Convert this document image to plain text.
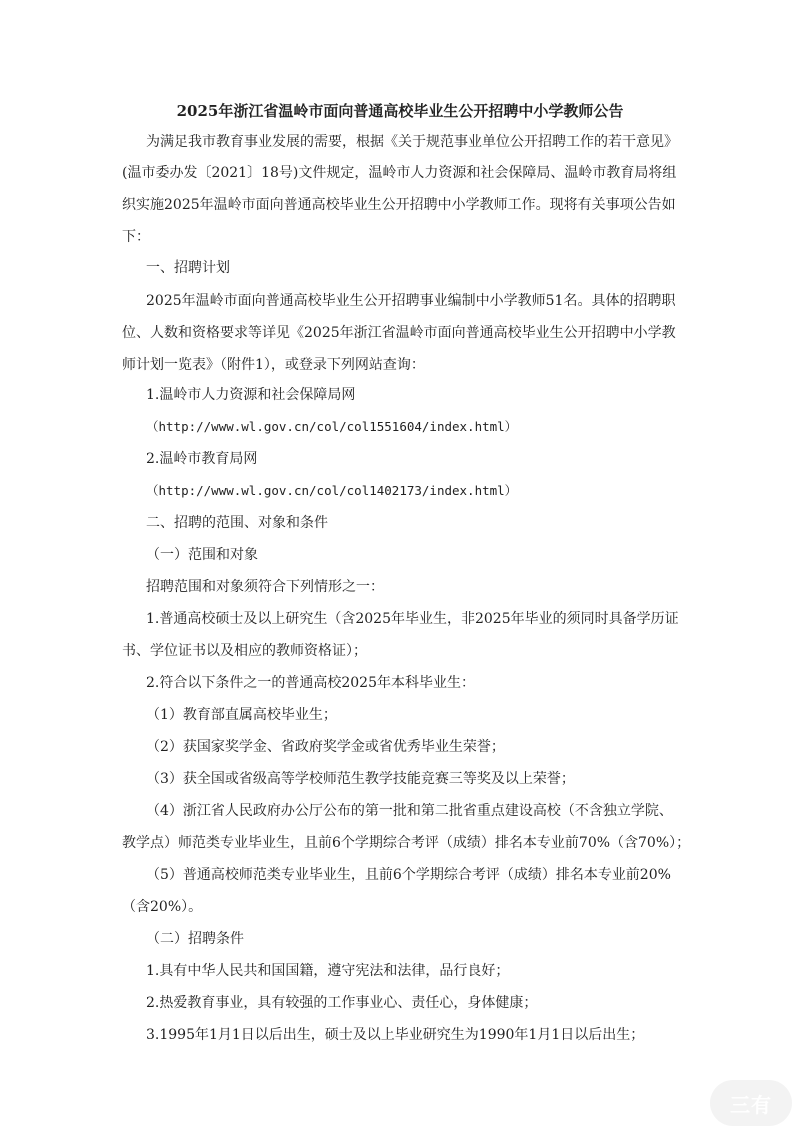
2025年浙江省温岭市面向普通高校毕业生公开招聘中小学教师公告
为满足我市教育事业发展的需要，根据《关于规范事业单位公开招聘工作的若干意见》
(温市委办发〔2021〕18号)文件规定，温岭市人力资源和社会保障局、温岭市教育局将组
织实施2025年温岭市面向普通高校毕业生公开招聘中小学教师工作。现将有关事项公告如
下：
一、招聘计划
2025年温岭市面向普通高校毕业生公开招聘事业编制中小学教师51名。具体的招聘职
位、人数和资格要求等详见《2025年浙江省温岭市面向普通高校毕业生公开招聘中小学教
师计划一览表》（附件1），或登录下列网站查询：
1.温岭市人力资源和社会保障局网
（http://www.wl.gov.cn/col/col1551604/index.html）
2.温岭市教育局网
（http://www.wl.gov.cn/col/col1402173/index.html）
二、招聘的范围、对象和条件
（一）范围和对象
招聘范围和对象须符合下列情形之一：
1.普通高校硕士及以上研究生（含2025年毕业生，非2025年毕业的须同时具备学历证
书、学位证书以及相应的教师资格证）；
2.符合以下条件之一的普通高校2025年本科毕业生：
（1）教育部直属高校毕业生；
（2）获国家奖学金、省政府奖学金或省优秀毕业生荣誉；
（3）获全国或省级高等学校师范生教学技能竞赛三等奖及以上荣誉；
（4）浙江省人民政府办公厅公布的第一批和第二批省重点建设高校（不含独立学院、
教学点）师范类专业毕业生，且前6个学期综合考评（成绩）排名本专业前70%（含70%）；
（5）普通高校师范类专业毕业生，且前6个学期综合考评（成绩）排名本专业前20%
（含20%）。
（二）招聘条件
1.具有中华人民共和国国籍，遵守宪法和法律，品行良好；
2.热爱教育事业，具有较强的工作事业心、责任心，身体健康；
3.1995年1月1日以后出生，硕士及以上毕业研究生为1990年1月1日以后出生；
三有
